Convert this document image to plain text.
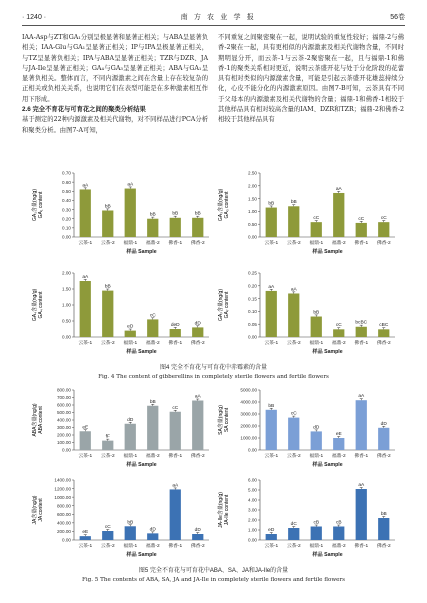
· 1240 ·	南 方 农 业 学 报	56卷

IAA-Asp与ZT和GA₁分别呈极显著和显著正相关；与ABA呈显著负相关；IAA-Glu与GA₁呈显著正相关；IP与IPA呈极显著正相关，与TZ呈显著负相关；IPA与ABA呈显著正相关；TZR与DZR、JA与JA-Ile呈显著正相关；GA₄与GA₃呈显著正相关；ABA与GA₁呈显著负相关。整体而言，不同内源激素之间在含量上存在较复杂的正相关或负相关关系，也说明它们在表型可能是在多种激素相互作用下形成。

2.6 完全不育花与可育花之间的聚类分析结果

基于测定的22种内源激素及相关代谢物，对不同样品进行PCA分析和聚类分析。由图7-A可知，

不同重复之间聚密聚在一起，说明试验的重复性较好；福鼎-2与佛香-2聚在一起，具有更相似的内源激素及相关代谢物含量，不同时期明显分开，而云茶-1与云茶-2聚密聚在一起，且与福鼎-1和佛香-1的聚类关系相对更近，说明云茶盛开花与处于分化阶段的花蕾具有相对类似的内源激素含量，可能是引起云茶盛开花雄蕊持续分化，心皮不能分化的内源激素原因。由图7-B可知，云茶具有不同于父母本的内源激素及相关代谢物的含量；福鼎-1和佛香-1相较于其他样品具有相对较高含量的IAM、DZR和TZR；福鼎-2和佛香-2相较于其他样品具有

GA₁含量(ng/g) GA₁ content
0.00
0.10
0.20
0.30
0.40
0.50
0.60
0.70
aA
云茶-1
bB
云茶-2
aA
福鼎-1
bB
福鼎-2
bB
佛香-1
bB
佛香-2
样品 Sample
GA₃含量(ng/g) GA₃ content
0.00
0.50
1.00
1.50
2.00
2.50
bB
云茶-1
bB
云茶-2
cC
福鼎-1
aA
福鼎-2
cC
佛香-1
cC
佛香-2
样品 Sample
GA₄含量(ng/g) GA₄ content
0.00
0.50
1.00
1.50
2.00
aA
云茶-1
bB
云茶-2
eD
福鼎-1
cC
福鼎-2
deD
佛香-1
dD
佛香-2
样品 Sample
GA₇含量(ng/g) GA₇ content
0.00
0.05
0.10
0.15
0.20
0.25
aA
云茶-1
aA
云茶-2
bB
福鼎-1
cC
福鼎-2
bcBC
佛香-1
cBC
佛香-2
样品 Sample
图4 完全不育花与可育花中赤霉素的含量
Fig. 4 The content of gibberellins in completely sterile flowers and fertile flowers
ABA含量(ng/g) ABA content
0.00
100.00
200.00
300.00
400.00
500.00
600.00
700.00
800.00
eE
云茶-1
fF
云茶-2
dD
福鼎-1
bB
福鼎-2
cC
佛香-1
aA
佛香-2
样品 Sample
SA含量(ng/g) SA content
0.00
1000.00
2000.00
3000.00
4000.00
5000.00
bB
云茶-1
cC
云茶-2
dD
福鼎-1
eE
福鼎-2
aA
佛香-1
dD
佛香-2
样品 Sample
JA含量(ng/g) JA content
0.00
200.00
400.00
600.00
800.00
1000.00
1200.00
1400.00
eE
云茶-1
cC
云茶-2
bB
福鼎-1
dD
福鼎-2
aA
佛香-1
dD
佛香-2
样品 Sample
JA-Ile含量(ng/g) JA-Ile content
0.00
1.00
2.00
3.00
4.00
5.00
6.00
eD
云茶-1
dC
云茶-2
cB
福鼎-1
cB
福鼎-2
aA
佛香-1
bB
佛香-2
样品 Sample
图5 完全不育花与可育花中ABA、SA、JA和JA-Ile的含量
Fig. 5 The contents of ABA, SA, JA and JA-Ile in completely sterile flowers and fertile flowers
